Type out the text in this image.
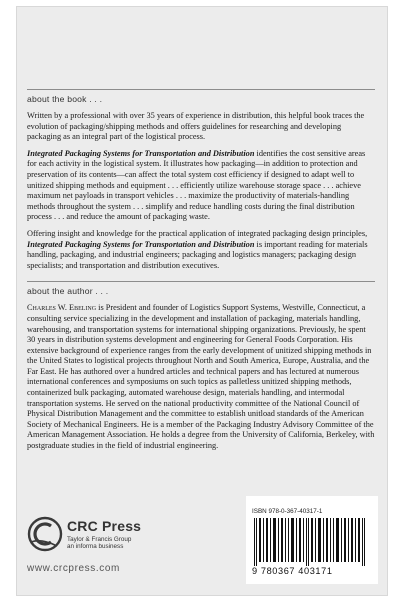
about the book . . .

Written by a professional with over 35 years of experience in distribution, this helpful book traces the evolution of packaging/shipping methods and offers guidelines for researching and developing packaging as an integral part of the logistical process.

Integrated Packaging Systems for Transportation and Distribution identifies the cost sensitive areas for each activity in the logistical system. It illustrates how packaging—in addition to protection and preservation of its contents—can affect the total system cost efficiency if designed to adapt well to unitized shipping methods and equipment . . . efficiently utilize warehouse storage space . . . achieve maximum net payloads in transport vehicles . . . maximize the productivity of materials-handling methods throughout the system . . . simplify and reduce handling costs during the final distribution process . . . and reduce the amount of packaging waste.

Offering insight and knowledge for the practical application of integrated packaging design principles, Integrated Packaging Systems for Transportation and Distribution is important reading for materials handling, packaging, and industrial engineers; packaging and logistics managers; packaging design specialists; and transportation and distribution executives.

about the author . . .

Charles W. Ebeling is President and founder of Logistics Support Systems, Westville, Connecticut, a consulting service specializing in the development and installation of packaging, materials handling, warehousing, and transportation systems for international shipping organizations. Previously, he spent 30 years in distribution systems development and engineering for General Foods Corporation. His extensive background of experience ranges from the early development of unitized shipping methods in the United States to logistical projects throughout North and South America, Europe, Australia, and the Far East. He has authored over a hundred articles and technical papers and has lectured at numerous international conferences and symposiums on such topics as palletless unitized shipping methods, containerized bulk packaging, automated warehouse design, materials handling, and intermodal transportation systems. He served on the national productivity committee of the National Council of Physical Distribution Management and the committee to establish unitload standards of the American Society of Mechanical Engineers. He is a member of the Packaging Industry Advisory Committee of the American Management Association. He holds a degree from the University of California, Berkeley, with postgraduate studies in the field of industrial engineering.

CRC Press
Taylor & Francis Group
an informa business
www.crcpress.com
ISBN 978-0-367-40317-1
9 780367 403171
